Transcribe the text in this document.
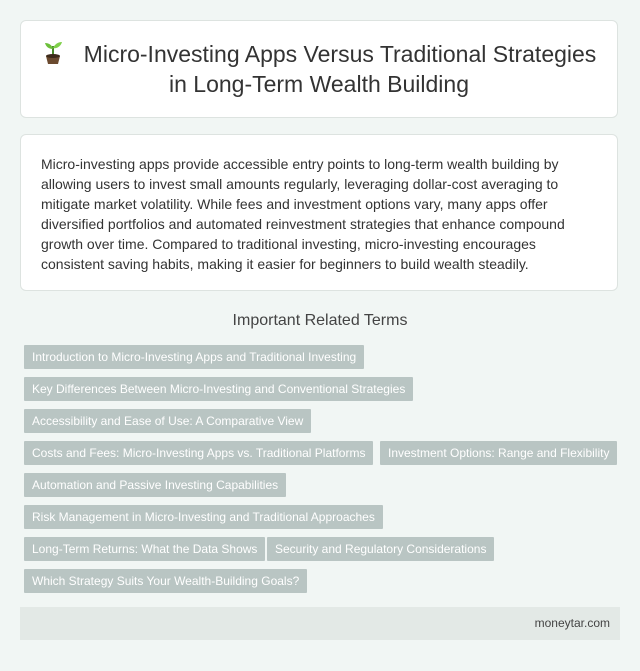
Micro-Investing Apps Versus Traditional Strategies in Long-Term Wealth Building

Micro-investing apps provide accessible entry points to long-term wealth building by allowing users to invest small amounts regularly, leveraging dollar-cost averaging to mitigate market volatility. While fees and investment options vary, many apps offer diversified portfolios and automated reinvestment strategies that enhance compound growth over time. Compared to traditional investing, micro-investing encourages consistent saving habits, making it easier for beginners to build wealth steadily.

Important Related Terms
Introduction to Micro-Investing Apps and Traditional Investing
Key Differences Between Micro-Investing and Conventional Strategies
Accessibility and Ease of Use: A Comparative View
Costs and Fees: Micro-Investing Apps vs. Traditional Platforms	Investment Options: Range and Flexibility
Automation and Passive Investing Capabilities
Risk Management in Micro-Investing and Traditional Approaches
Long-Term Returns: What the Data Shows	Security and Regulatory Considerations
Which Strategy Suits Your Wealth-Building Goals?
moneytar.com
